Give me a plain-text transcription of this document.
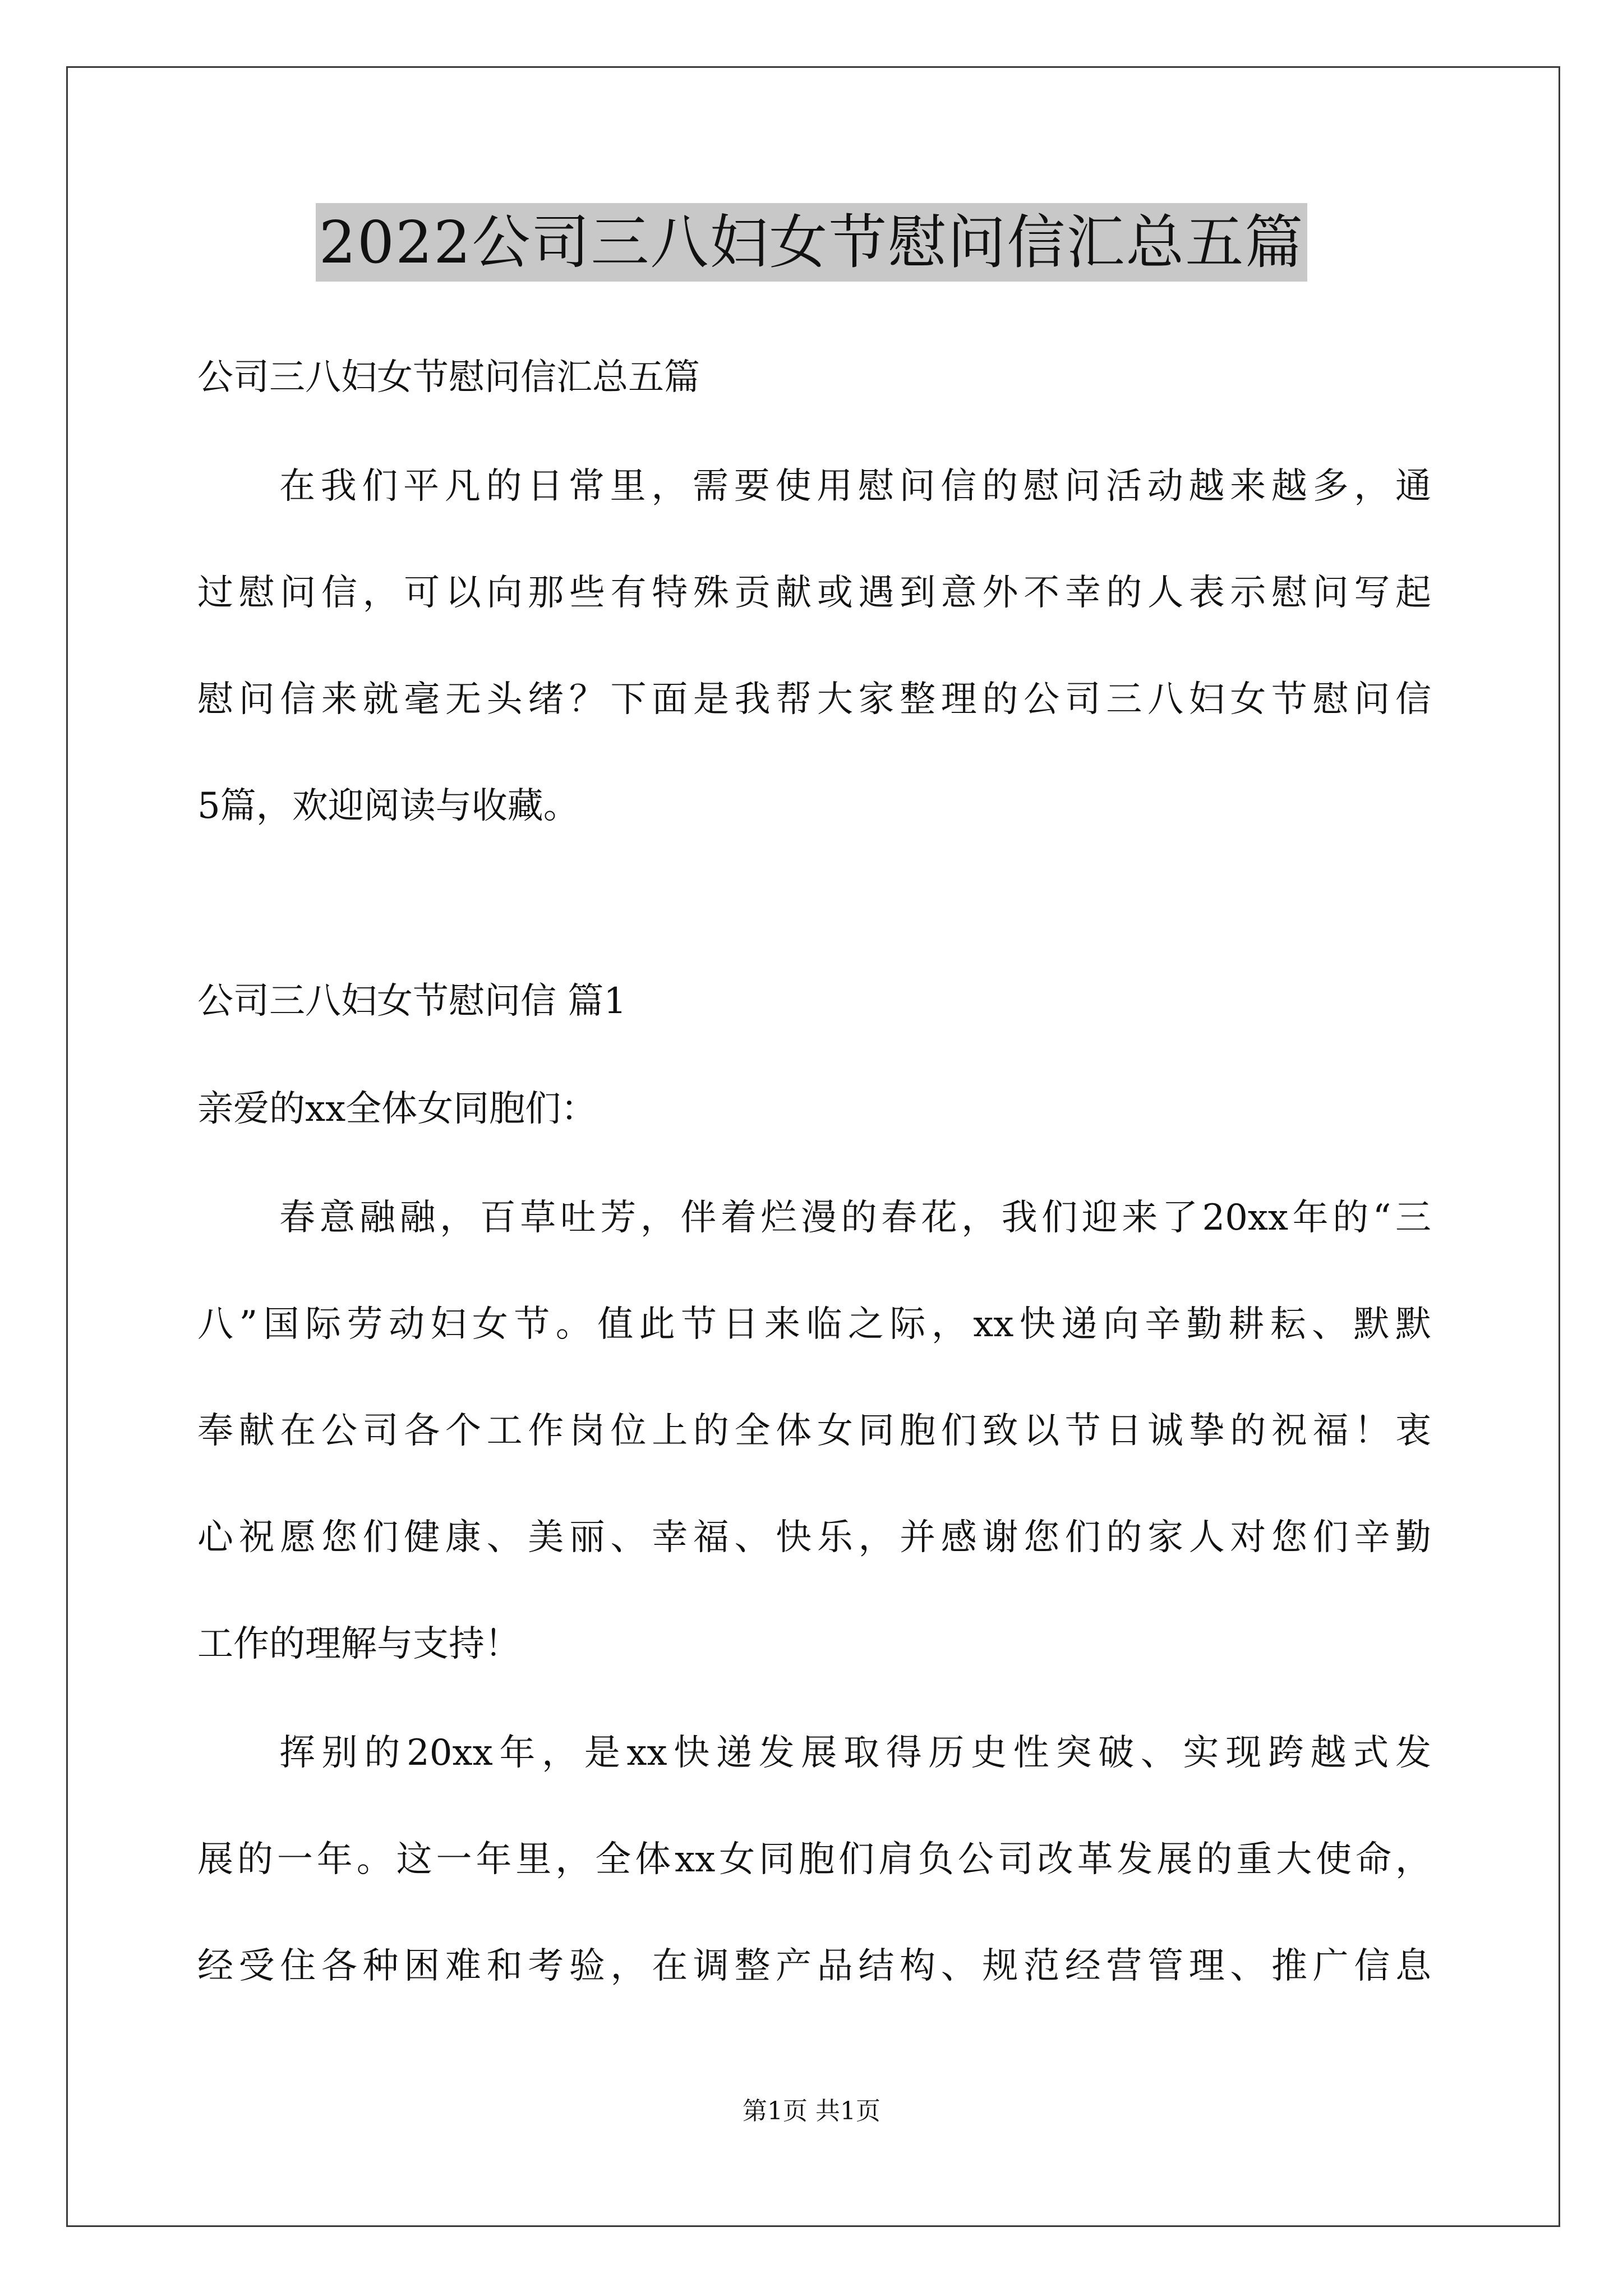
2022公司三八妇女节慰问信汇总五篇
公司三八妇女节慰问信汇总五篇
在我们平凡的日常里，需要使用慰问信的慰问活动越来越多，通
过慰问信，可以向那些有特殊贡献或遇到意外不幸的人表示慰问写起
慰问信来就毫无头绪？下面是我帮大家整理的公司三八妇女节慰问信
5篇，欢迎阅读与收藏。
公司三八妇女节慰问信 篇1
亲爱的xx全体女同胞们：
春意融融，百草吐芳，伴着烂漫的春花，我们迎来了20xx年的“三
八”国际劳动妇女节。值此节日来临之际，xx快递向辛勤耕耘、默默
奉献在公司各个工作岗位上的全体女同胞们致以节日诚挚的祝福！衷
心祝愿您们健康、美丽、幸福、快乐，并感谢您们的家人对您们辛勤
工作的理解与支持！
挥别的20xx年，是xx快递发展取得历史性突破、实现跨越式发
展的一年。这一年里，全体xx女同胞们肩负公司改革发展的重大使命，
经受住各种困难和考验，在调整产品结构、规范经营管理、推广信息
第1页 共1页
